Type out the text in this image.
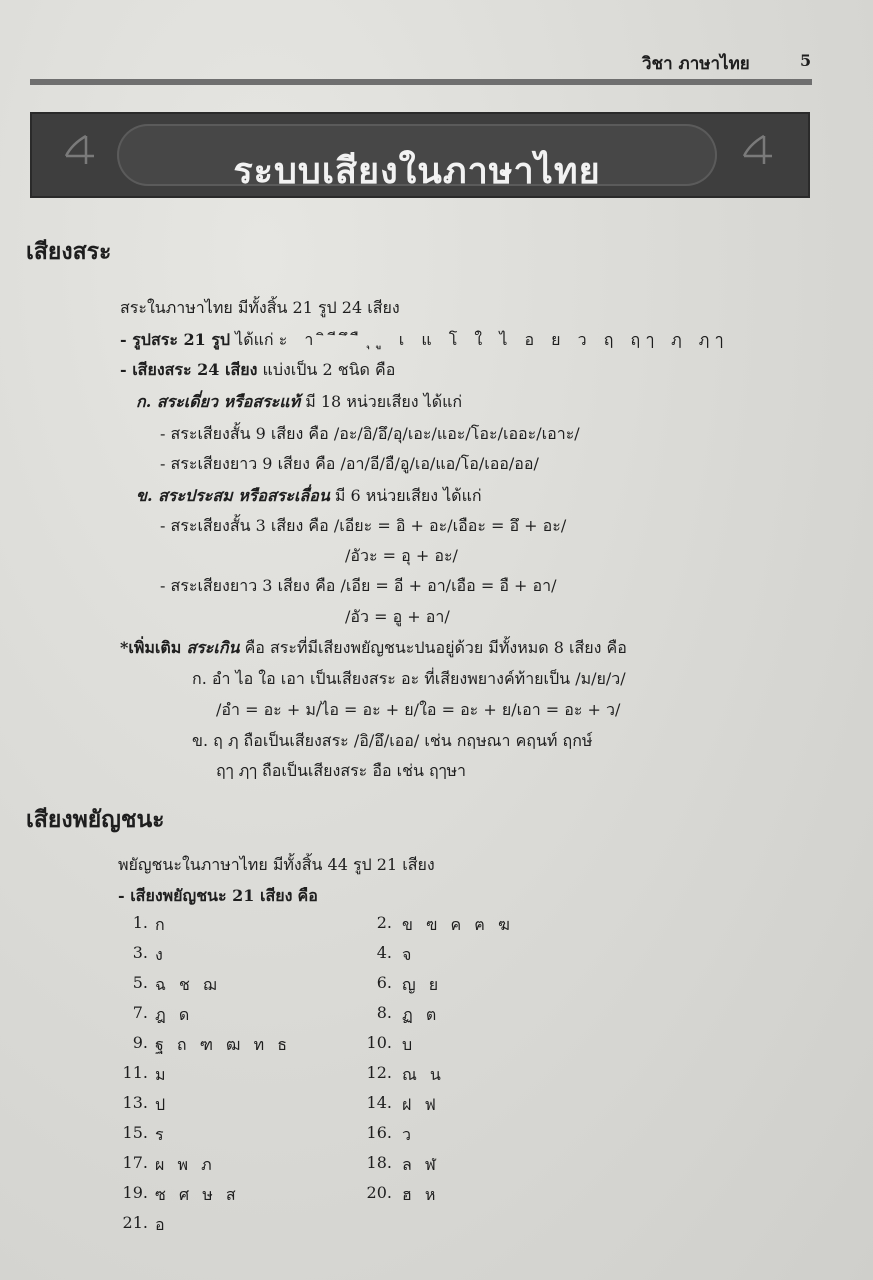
วิชา ภาษาไทย	5
ระบบเสียงในภาษาไทย
เสียงสระ
สระในภาษาไทย มีทั้งสิ้น 21 รูป 24 เสียง
- รูปสระ 21 รูป ได้แก่ ะ า ิ ี ึ ื ุ ู เ แ โ ใ ไ อ ย ว ฤ ฤๅ ฦ ฦๅ
- เสียงสระ 24 เสียง แบ่งเป็น 2 ชนิด คือ
ก. สระเดี่ยว หรือสระแท้ มี 18 หน่วยเสียง ได้แก่
- สระเสียงสั้น 9 เสียง คือ /อะ/อิ/อึ/อุ/เอะ/แอะ/โอะ/เออะ/เอาะ/
- สระเสียงยาว 9 เสียง คือ /อา/อี/อื/อู/เอ/แอ/โอ/เออ/ออ/
ข. สระประสม หรือสระเลื่อน มี 6 หน่วยเสียง ได้แก่
- สระเสียงสั้น 3 เสียง คือ /เอียะ = อิ + อะ/เอือะ = อึ + อะ/
/อัวะ = อุ + อะ/
- สระเสียงยาว 3 เสียง คือ /เอีย = อี + อา/เอือ = อื + อา/
/อัว = อู + อา/
*เพิ่มเติม สระเกิน คือ สระที่มีเสียงพยัญชนะปนอยู่ด้วย มีทั้งหมด 8 เสียง คือ
ก. อำ ไอ ใอ เอา เป็นเสียงสระ อะ ที่เสียงพยางค์ท้ายเป็น /ม/ย/ว/
/อำ = อะ + ม/ไอ = อะ + ย/ใอ = อะ + ย/เอา = อะ + ว/
ข. ฤ ฦ ถือเป็นเสียงสระ /อิ/อึ/เออ/ เช่น กฤษณา คฤนท์ ฤกษ์
ฤๅ ฦๅ ถือเป็นเสียงสระ อือ เช่น ฤๅษา
เสียงพยัญชนะ
พยัญชนะในภาษาไทย มีทั้งสิ้น 44 รูป 21 เสียง
- เสียงพยัญชนะ 21 เสียง คือ
1. ก
3. ง
5. ฉ ช ฌ
7. ฎ ด
9. ฐ ถ ฑ ฒ ท ธ
11. ม
13. ป
15. ร
17. ผ พ ภ
19. ซ ศ ษ ส
21. อ
2. ข ฃ ค ฅ ฆ
4. จ
6. ญ ย
8. ฏ ต
10. บ
12. ณ น
14. ฝ ฟ
16. ว
18. ล ฬ
20. ฮ ห
